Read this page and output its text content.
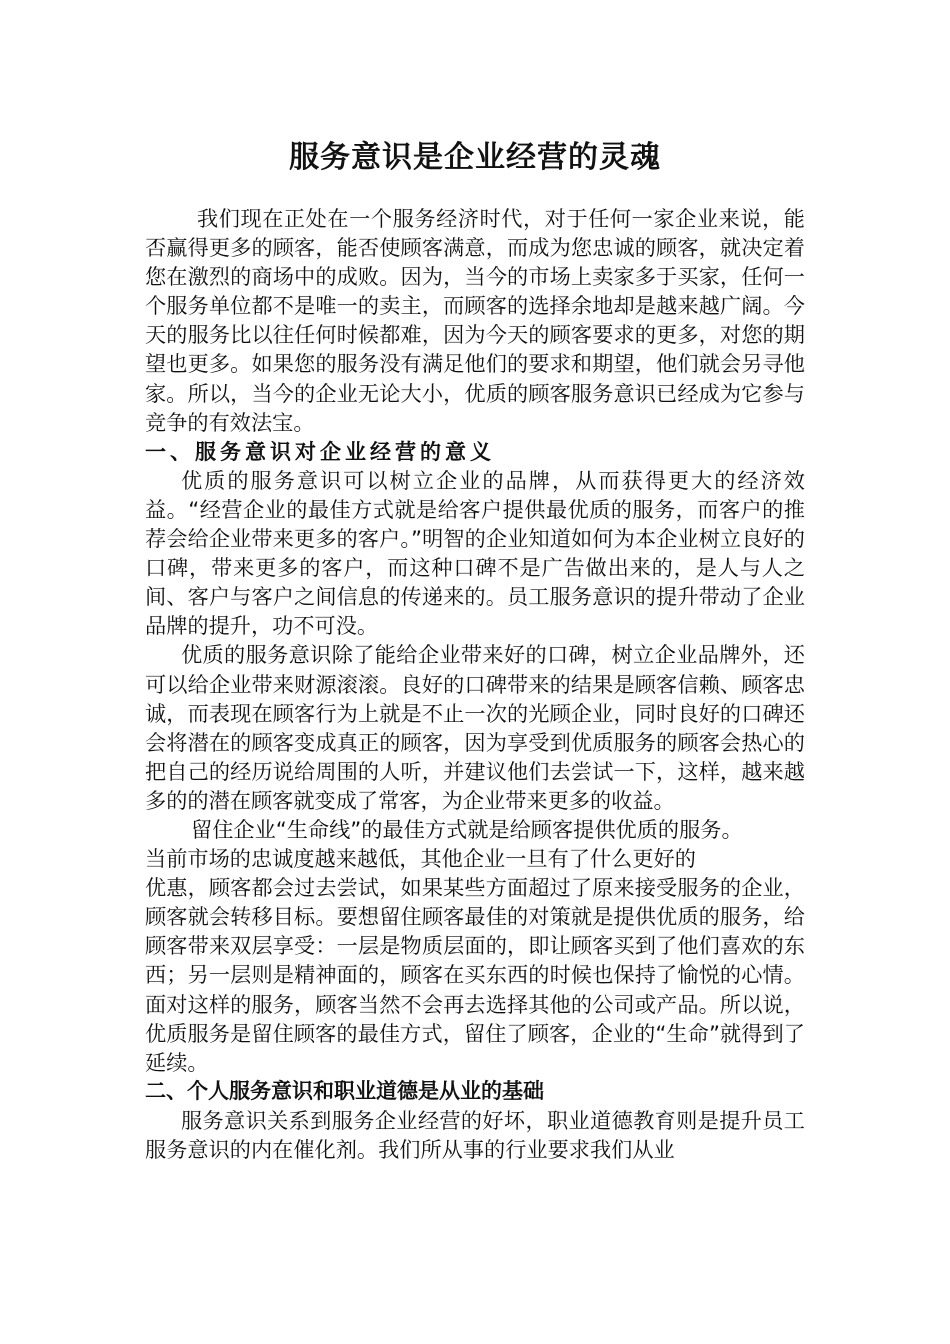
服务意识是企业经营的灵魂

我们现在正处在一个服务经济时代，对于任何一家企业来说，能否赢得更多的顾客，能否使顾客满意，而成为您忠诚的顾客，就决定着您在激烈的商场中的成败。因为，当今的市场上卖家多于买家，任何一个服务单位都不是唯一的卖主，而顾客的选择余地却是越来越广阔。今天的服务比以往任何时候都难，因为今天的顾客要求的更多，对您的期望也更多。如果您的服务没有满足他们的要求和期望，他们就会另寻他家。所以，当今的企业无论大小，优质的顾客服务意识已经成为它参与竞争的有效法宝。

一、服务意识对企业经营的意义

优质的服务意识可以树立企业的品牌，从而获得更大的经济效益。“经营企业的最佳方式就是给客户提供最优质的服务，而客户的推荐会给企业带来更多的客户。”明智的企业知道如何为本企业树立良好的口碑，带来更多的客户，而这种口碑不是广告做出来的，是人与人之间、客户与客户之间信息的传递来的。员工服务意识的提升带动了企业品牌的提升，功不可没。

优质的服务意识除了能给企业带来好的口碑，树立企业品牌外，还可以给企业带来财源滚滚。良好的口碑带来的结果是顾客信赖、顾客忠诚，而表现在顾客行为上就是不止一次的光顾企业，同时良好的口碑还会将潜在的顾客变成真正的顾客，因为享受到优质服务的顾客会热心的把自己的经历说给周围的人听，并建议他们去尝试一下，这样，越来越多的的潜在顾客就变成了常客，为企业带来更多的收益。

留住企业“生命线”的最佳方式就是给顾客提供优质的服务。

当前市场的忠诚度越来越低，其他企业一旦有了什么更好的

优惠，顾客都会过去尝试，如果某些方面超过了原来接受服务的企业，顾客就会转移目标。要想留住顾客最佳的对策就是提供优质的服务，给顾客带来双层享受：一层是物质层面的，即让顾客买到了他们喜欢的东西；另一层则是精神面的，顾客在买东西的时候也保持了愉悦的心情。面对这样的服务，顾客当然不会再去选择其他的公司或产品。所以说，优质服务是留住顾客的最佳方式，留住了顾客，企业的“生命”就得到了延续。

二、个人服务意识和职业道德是从业的基础

服务意识关系到服务企业经营的好坏，职业道德教育则是提升员工服务意识的内在催化剂。我们所从事的行业要求我们从业
